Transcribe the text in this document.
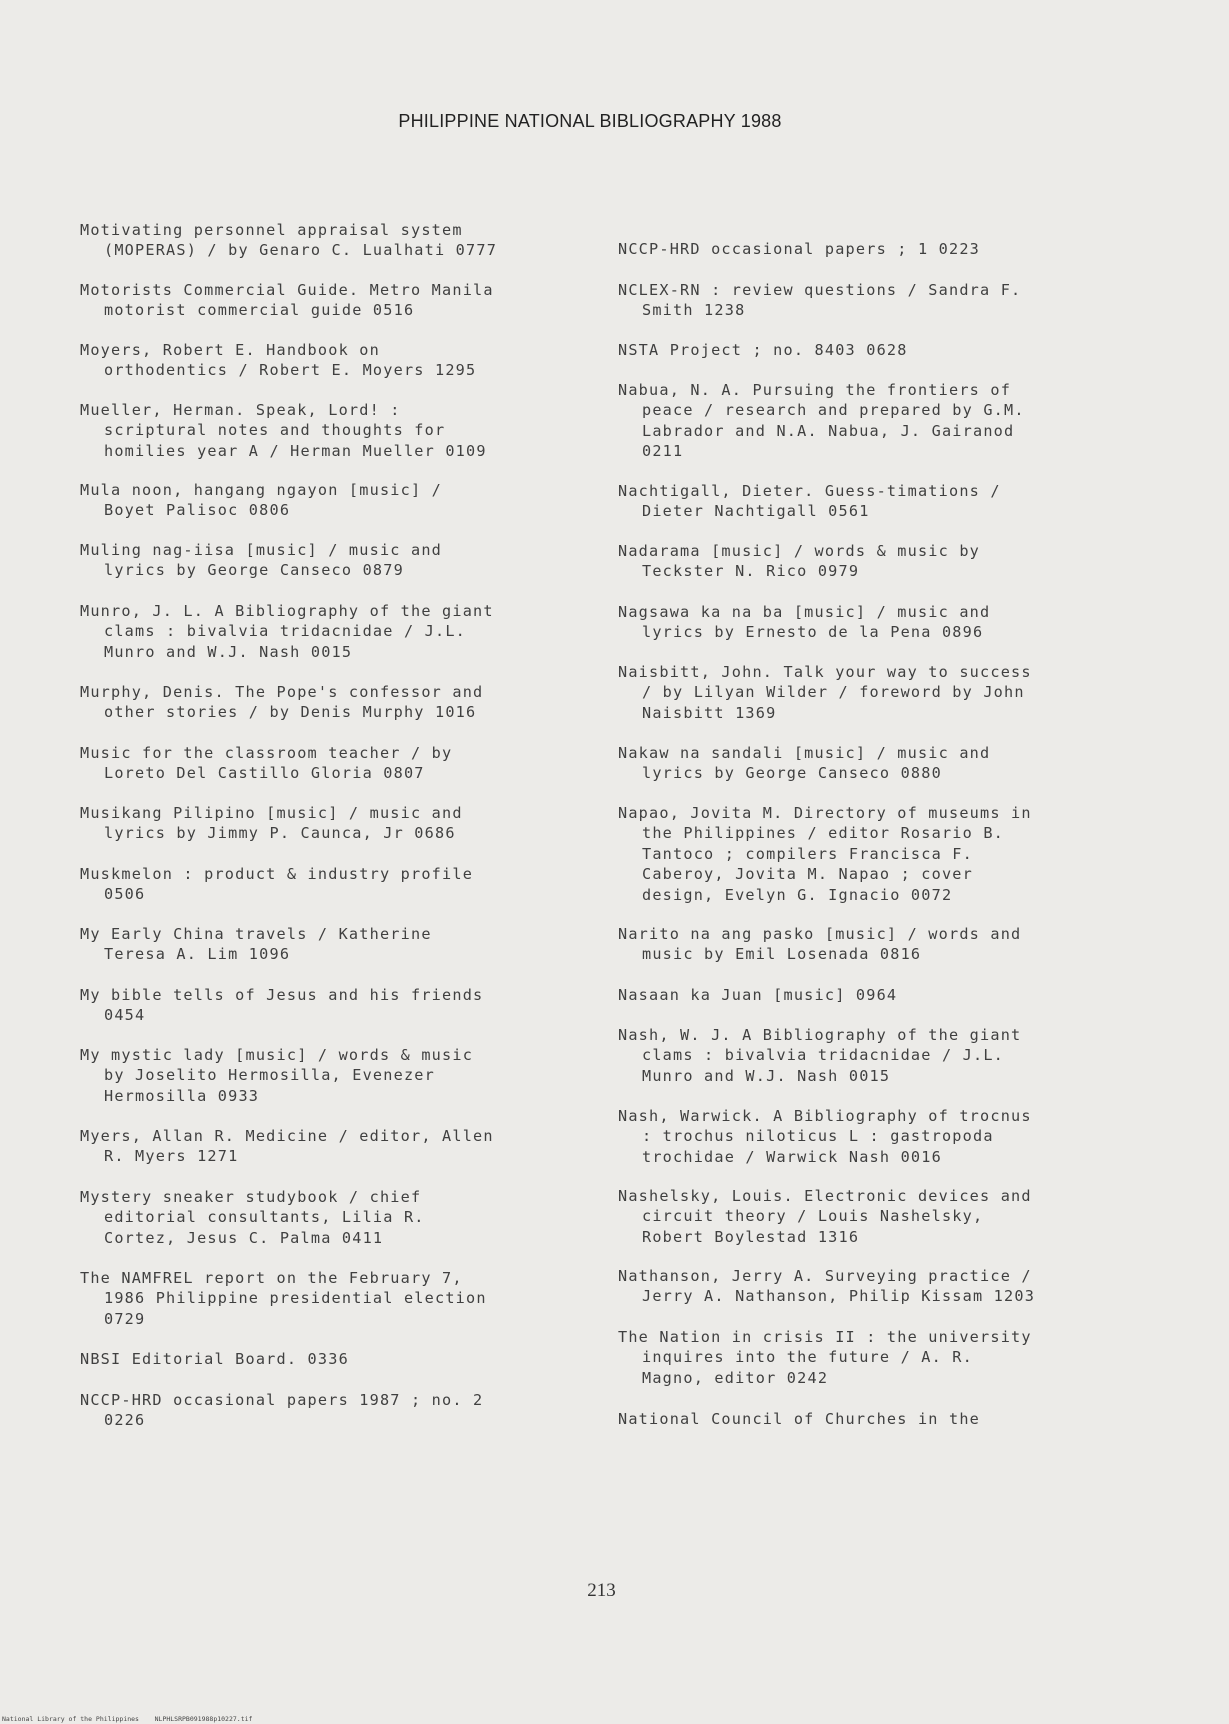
PHILIPPINE NATIONAL BIBLIOGRAPHY 1988
Motivating personnel appraisal system
(MOPERAS) / by Genaro C. Lualhati 0777
Motorists Commercial Guide. Metro Manila
motorist commercial guide 0516
Moyers, Robert E. Handbook on
orthodentics / Robert E. Moyers 1295
Mueller, Herman. Speak, Lord! :
scriptural notes and thoughts for
homilies year A / Herman Mueller 0109
Mula noon, hangang ngayon [music] /
Boyet Palisoc 0806
Muling nag-iisa [music] / music and
lyrics by George Canseco 0879
Munro, J. L. A Bibliography of the giant
clams : bivalvia tridacnidae / J.L.
Munro and W.J. Nash 0015
Murphy, Denis. The Pope's confessor and
other stories / by Denis Murphy 1016
Music for the classroom teacher / by
Loreto Del Castillo Gloria 0807
Musikang Pilipino [music] / music and
lyrics by Jimmy P. Caunca, Jr 0686
Muskmelon : product & industry profile
0506
My Early China travels / Katherine
Teresa A. Lim 1096
My bible tells of Jesus and his friends
0454
My mystic lady [music] / words & music
by Joselito Hermosilla, Evenezer
Hermosilla 0933
Myers, Allan R. Medicine / editor, Allen
R. Myers 1271
Mystery sneaker studybook / chief
editorial consultants, Lilia R.
Cortez, Jesus C. Palma 0411
The NAMFREL report on the February 7,
1986 Philippine presidential election
0729
NBSI Editorial Board. 0336
NCCP-HRD occasional papers 1987 ; no. 2
0226
NCCP-HRD occasional papers ; 1 0223
NCLEX-RN : review questions / Sandra F.
Smith 1238
NSTA Project ; no. 8403 0628
Nabua, N. A. Pursuing the frontiers of
peace / research and prepared by G.M.
Labrador and N.A. Nabua, J. Gairanod
0211
Nachtigall, Dieter. Guess-timations /
Dieter Nachtigall 0561
Nadarama [music] / words & music by
Teckster N. Rico 0979
Nagsawa ka na ba [music] / music and
lyrics by Ernesto de la Pena 0896
Naisbitt, John. Talk your way to success
/ by Lilyan Wilder / foreword by John
Naisbitt 1369
Nakaw na sandali [music] / music and
lyrics by George Canseco 0880
Napao, Jovita M. Directory of museums in
the Philippines / editor Rosario B.
Tantoco ; compilers Francisca F.
Caberoy, Jovita M. Napao ; cover
design, Evelyn G. Ignacio 0072
Narito na ang pasko [music] / words and
music by Emil Losenada 0816
Nasaan ka Juan [music] 0964
Nash, W. J. A Bibliography of the giant
clams : bivalvia tridacnidae / J.L.
Munro and W.J. Nash 0015
Nash, Warwick. A Bibliography of trocnus
: trochus niloticus L : gastropoda
trochidae / Warwick Nash 0016
Nashelsky, Louis. Electronic devices and
circuit theory / Louis Nashelsky,
Robert Boylestad 1316
Nathanson, Jerry A. Surveying practice /
Jerry A. Nathanson, Philip Kissam 1203
The Nation in crisis II : the university
inquires into the future / A. R.
Magno, editor 0242
National Council of Churches in the
213
National Library of the Philippines    NLPHLSRPB091988p10227.tif
